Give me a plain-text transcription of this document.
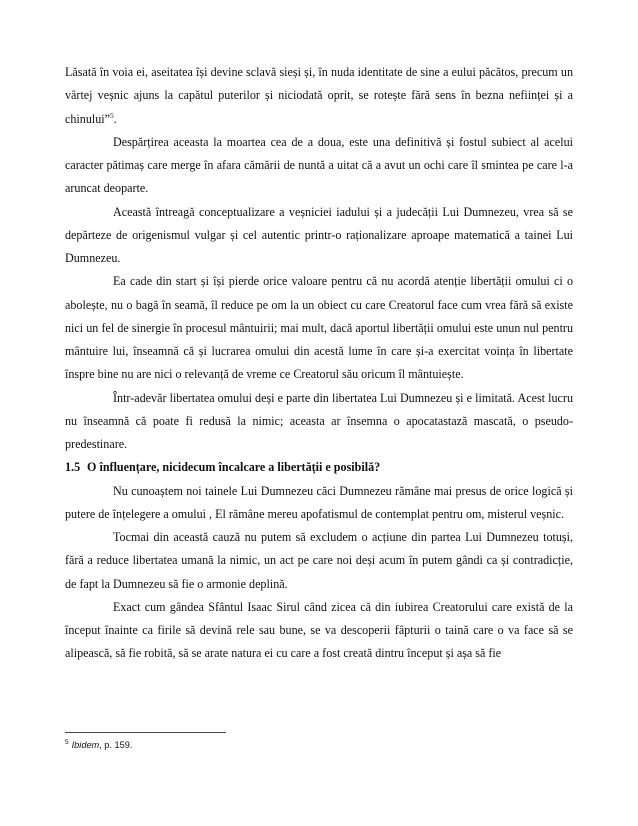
Lăsată în voia ei, aseitatea își devine sclavă sieși și, în nuda identitate de sine a eului păcătos, precum un vârtej veșnic ajuns la capătul puterilor și niciodată oprit, se rotește fără sens în bezna neființei și a chinului”$^5$.

Despărțirea aceasta la moartea cea de a doua, este una definitivă și fostul subiect al acelui caracter pătimaș care merge în afara cămării de nuntă a uitat că a avut un ochi care îl smintea pe care l-a aruncat deoparte.

Această întreagă conceptualizare a veșniciei iadului și a judecății Lui Dumnezeu, vrea să se depărteze de origenismul vulgar și cel autentic printr-o raționalizare aproape matematică a tainei Lui Dumnezeu.

Ea cade din start și își pierde orice valoare pentru că nu acordă atenție libertății omului ci o abolește, nu o bagă în seamă, îl reduce pe om la un obiect cu care Creatorul face cum vrea fără să existe nici un fel de sinergie în procesul mântuirii; mai mult, dacă aportul libertății omului este unun nul pentru mântuire lui, înseamnă că și lucrarea omului din acestă lume în care și-a exercitat voința în libertate înspre bine nu are nici o relevanță de vreme ce Creatorul său oricum îl mântuiește.

Într-adevăr libertatea omului deși e parte din libertatea Lui Dumnezeu și e limitată. Acest lucru nu înseamnă că poate fi redusă la nimic; aceasta ar însemna o apocatastază mascată, o pseudo-predestinare.

1.5 O înfluențare, nicidecum încalcare a libertății e posibilă?

Nu cunoaștem noi tainele Lui Dumnezeu căci Dumnezeu rămâne mai presus de orice logică și putere de înțelegere a omului , El rămâne mereu apofatismul de contemplat pentru om, misterul veșnic.

Tocmai din această cauză nu putem să excludem o acțiune din partea Lui Dumnezeu totuși, fără a reduce libertatea umană la nimic, un act pe care noi deși acum în putem gândi ca și contradicție, de fapt la Dumnezeu să fie o armonie deplină.

Exact cum gândea Sfântul Isaac Sirul când zicea că din iubirea Creatorului care există de la început înainte ca firile să devină rele sau bune, se va descoperii fâpturii o taină care o va face să se alipească, să fie robită, să se arate natura ei cu care a fost creată dintru început și așa să fie

$^5$ Ibidem, p. 159.
